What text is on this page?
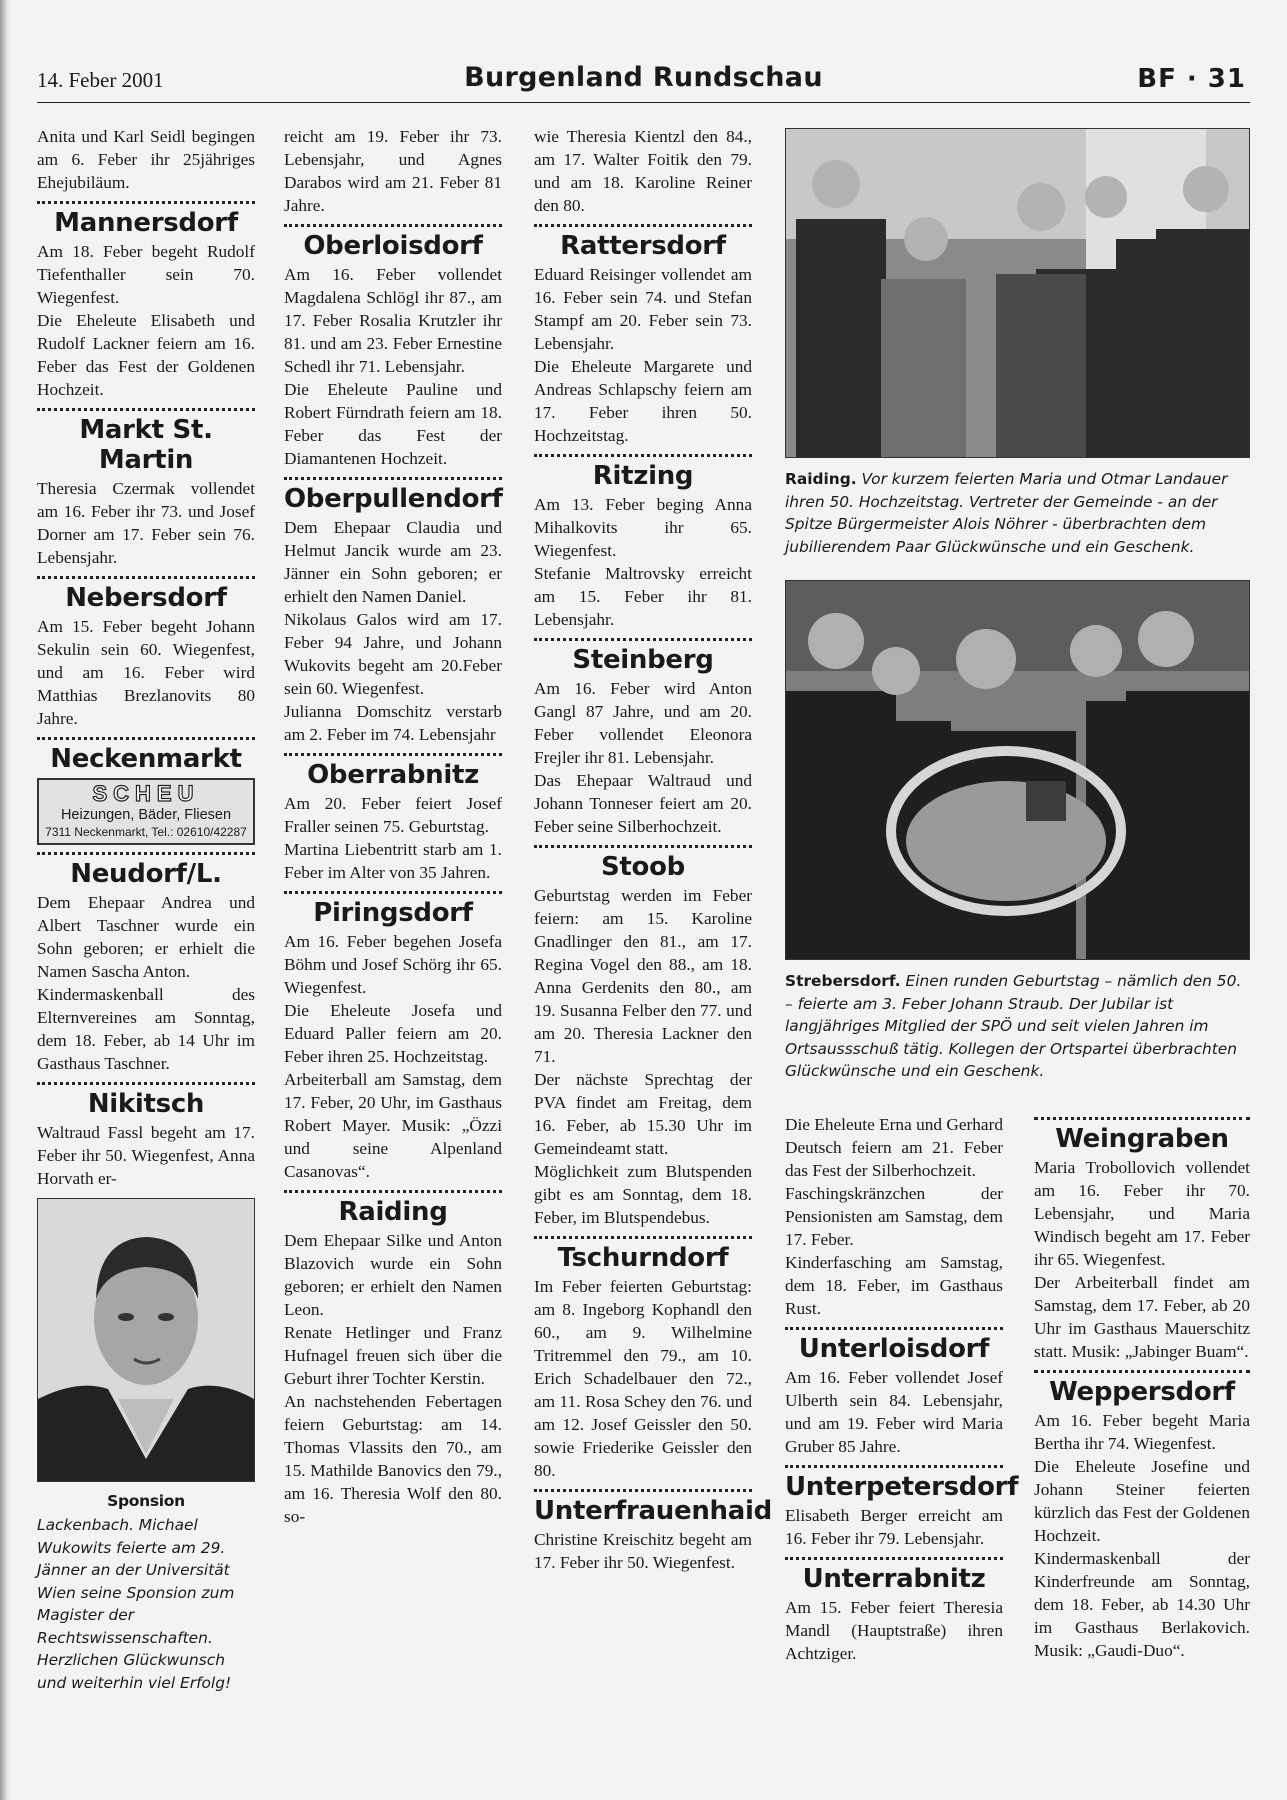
14. Feber 2001	Burgenland Rundschau	BF · 31

Anita und Karl Seidl begingen am 6. Feber ihr 25jähriges Ehejubiläum.

Mannersdorf

Am 18. Feber begeht Rudolf Tiefenthaller sein 70. Wiegenfest.

Die Eheleute Elisabeth und Rudolf Lackner feiern am 16. Feber das Fest der Goldenen Hochzeit.

Markt St. Martin

Theresia Czermak vollendet am 16. Feber ihr 73. und Josef Dorner am 17. Feber sein 76. Lebensjahr.

Nebersdorf

Am 15. Feber begeht Johann Sekulin sein 60. Wiegenfest, und am 16. Feber wird Matthias Brezlanovits 80 Jahre.

Neckenmarkt
SCHEU
Heizungen, Bäder, Fliesen
7311 Neckenmarkt, Tel.: 02610/42287
Neudorf/L.

Dem Ehepaar Andrea und Albert Taschner wurde ein Sohn geboren; er erhielt die Namen Sascha Anton.

Kindermaskenball des Elternvereines am Sonntag, dem 18. Feber, ab 14 Uhr im Gasthaus Taschner.

Nikitsch

Waltraud Fassl begeht am 17. Feber ihr 50. Wiegenfest, Anna Horvath er-

Sponsion

Lackenbach. Michael Wukowits feierte am 29. Jänner an der Universität Wien seine Sponsion zum Magister der Rechtswissenschaften. Herzlichen Glückwunsch und weiterhin viel Erfolg!

reicht am 19. Feber ihr 73. Lebensjahr, und Agnes Darabos wird am 21. Feber 81 Jahre.

Oberloisdorf

Am 16. Feber vollendet Magdalena Schlögl ihr 87., am 17. Feber Rosalia Krutzler ihr 81. und am 23. Feber Ernestine Schedl ihr 71. Lebensjahr.

Die Eheleute Pauline und Robert Fürndrath feiern am 18. Feber das Fest der Diamantenen Hochzeit.

Oberpullendorf

Dem Ehepaar Claudia und Helmut Jancik wurde am 23. Jänner ein Sohn geboren; er erhielt den Namen Daniel.

Nikolaus Galos wird am 17. Feber 94 Jahre, und Johann Wukovits begeht am 20.Feber sein 60. Wiegenfest.

Julianna Domschitz verstarb am 2. Feber im 74. Lebensjahr

Oberrabnitz

Am 20. Feber feiert Josef Fraller seinen 75. Geburtstag.

Martina Liebentritt starb am 1. Feber im Alter von 35 Jahren.

Piringsdorf

Am 16. Feber begehen Josefa Böhm und Josef Schörg ihr 65. Wiegenfest.

Die Eheleute Josefa und Eduard Paller feiern am 20. Feber ihren 25. Hochzeitstag.

Arbeiterball am Samstag, dem 17. Feber, 20 Uhr, im Gasthaus Robert Mayer. Musik: „Özzi und seine Alpenland Casanovas“.

Raiding

Dem Ehepaar Silke und Anton Blazovich wurde ein Sohn geboren; er erhielt den Namen Leon.

Renate Hetlinger und Franz Hufnagel freuen sich über die Geburt ihrer Tochter Kerstin.

An nachstehenden Febertagen feiern Geburtstag: am 14. Thomas Vlassits den 70., am 15. Mathilde Banovics den 79., am 16. Theresia Wolf den 80. so-

wie Theresia Kientzl den 84., am 17. Walter Foitik den 79. und am 18. Karoline Reiner den 80.

Rattersdorf

Eduard Reisinger vollendet am 16. Feber sein 74. und Stefan Stampf am 20. Feber sein 73. Lebensjahr.

Die Eheleute Margarete und Andreas Schlapschy feiern am 17. Feber ihren 50. Hochzeitstag.

Ritzing

Am 13. Feber beging Anna Mihalkovits ihr 65. Wiegenfest.

Stefanie Maltrovsky erreicht am 15. Feber ihr 81. Lebensjahr.

Steinberg

Am 16. Feber wird Anton Gangl 87 Jahre, und am 20. Feber vollendet Eleonora Frejler ihr 81. Lebensjahr.

Das Ehepaar Waltraud und Johann Tonneser feiert am 20. Feber seine Silberhochzeit.

Stoob

Geburtstag werden im Feber feiern: am 15. Karoline Gnadlinger den 81., am 17. Regina Vogel den 88., am 18. Anna Gerdenits den 80., am 19. Susanna Felber den 77. und am 20. Theresia Lackner den 71.

Der nächste Sprechtag der PVA findet am Freitag, dem 16. Feber, ab 15.30 Uhr im Gemeindeamt statt.

Möglichkeit zum Blutspenden gibt es am Sonntag, dem 18. Feber, im Blutspendebus.

Tschurndorf

Im Feber feierten Geburtstag: am 8. Ingeborg Kophandl den 60., am 9. Wilhelmine Tritremmel den 79., am 10. Erich Schadelbauer den 72., am 11. Rosa Schey den 76. und am 12. Josef Geissler den 50. sowie Friederike Geissler den 80.

Unterfrauenhaid

Christine Kreischitz begeht am 17. Feber ihr 50. Wiegenfest.

Raiding. Vor kurzem feierten Maria und Otmar Landauer ihren 50. Hochzeitstag. Vertreter der Gemeinde - an der Spitze Bürgermeister Alois Nöhrer - überbrachten dem jubilierendem Paar Glückwünsche und ein Geschenk.

Strebersdorf. Einen runden Geburtstag – nämlich den 50. – feierte am 3. Feber Johann Straub. Der Jubilar ist langjähriges Mitglied der SPÖ und seit vielen Jahren im Ortsaussschuß tätig. Kollegen der Ortspartei überbrachten Glückwünsche und ein Geschenk.

Die Eheleute Erna und Gerhard Deutsch feiern am 21. Feber das Fest der Silberhochzeit.

Faschingskränzchen der Pensionisten am Samstag, dem 17. Feber.

Kinderfasching am Samstag, dem 18. Feber, im Gasthaus Rust.

Unterloisdorf

Am 16. Feber vollendet Josef Ulberth sein 84. Lebensjahr, und am 19. Feber wird Maria Gruber 85 Jahre.

Unterpetersdorf

Elisabeth Berger erreicht am 16. Feber ihr 79. Lebensjahr.

Unterrabnitz

Am 15. Feber feiert Theresia Mandl (Hauptstraße) ihren Achtziger.

Weingraben

Maria Trobollovich vollendet am 16. Feber ihr 70. Lebensjahr, und Maria Windisch begeht am 17. Feber ihr 65. Wiegenfest.

Der Arbeiterball findet am Samstag, dem 17. Feber, ab 20 Uhr im Gasthaus Mauerschitz statt. Musik: „Jabinger Buam“.

Weppersdorf

Am 16. Feber begeht Maria Bertha ihr 74. Wiegenfest.

Die Eheleute Josefine und Johann Steiner feierten kürzlich das Fest der Goldenen Hochzeit.

Kindermaskenball der Kinderfreunde am Sonntag, dem 18. Feber, ab 14.30 Uhr im Gasthaus Berlakovich. Musik: „Gaudi-Duo“.
